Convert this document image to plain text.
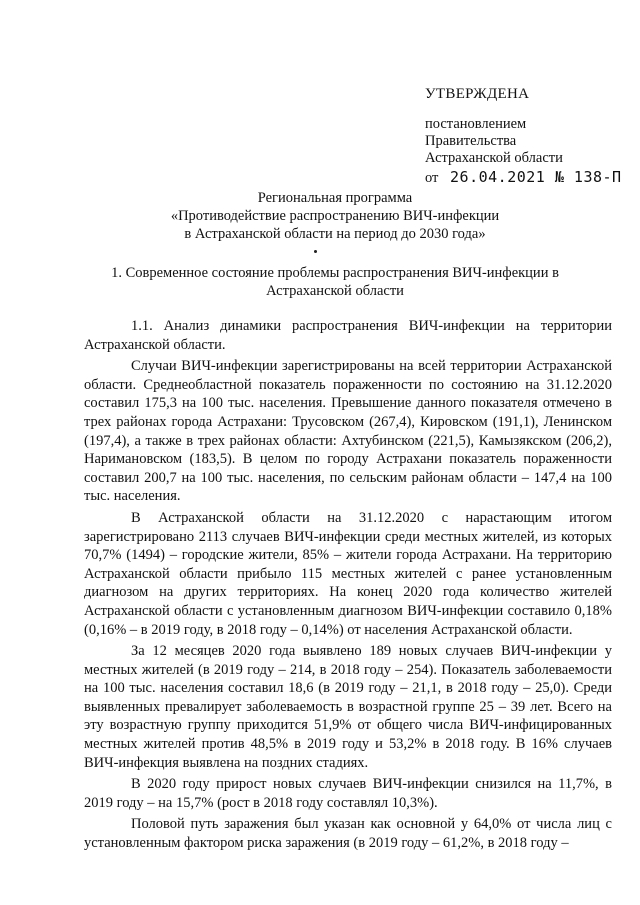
УТВЕРЖДЕНА
постановлением
Правительства
Астраханской области
от 26.04.2021 № 138-П
Региональная программа
«Противодействие распространению ВИЧ-инфекции
в Астраханской области на период до 2030 года»
1. Современное состояние проблемы распространения ВИЧ-инфекции в
Астраханской области

1.1. Анализ динамики распространения ВИЧ-инфекции на территории Астраханской области.

Случаи ВИЧ-инфекции зарегистрированы на всей территории Астраханской области. Среднеобластной показатель пораженности по состоянию на 31.12.2020 составил 175,3 на 100 тыс. населения. Превышение данного показателя отмечено в трех районах города Астрахани: Трусовском (267,4), Кировском (191,1), Ленинском (197,4), а также в трех районах области: Ахтубинском (221,5), Камызякском (206,2), Наримановском (183,5). В целом по городу Астрахани показатель пораженности составил 200,7 на 100 тыс. населения, по сельским районам области – 147,4 на 100 тыс. населения.

В Астраханской области на 31.12.2020 с нарастающим итогом зарегистрировано 2113 случаев ВИЧ-инфекции среди местных жителей, из которых 70,7% (1494) – городские жители, 85% – жители города Астрахани. На территорию Астраханской области прибыло 115 местных жителей с ранее установленным диагнозом на других территориях. На конец 2020 года количество жителей Астраханской области с установленным диагнозом ВИЧ-инфекции составило 0,18% (0,16% – в 2019 году, в 2018 году – 0,14%) от населения Астраханской области.

За 12 месяцев 2020 года выявлено 189 новых случаев ВИЧ-инфекции у местных жителей (в 2019 году – 214, в 2018 году – 254). Показатель заболеваемости на 100 тыс. населения составил 18,6 (в 2019 году – 21,1, в 2018 году – 25,0). Среди выявленных превалирует заболеваемость в возрастной группе 25 – 39 лет. Всего на эту возрастную группу приходится 51,9% от общего числа ВИЧ-инфицированных местных жителей против 48,5% в 2019 году и 53,2% в 2018 году. В 16% случаев ВИЧ-инфекция выявлена на поздних стадиях.

В 2020 году прирост новых случаев ВИЧ-инфекции снизился на 11,7%, в 2019 году – на 15,7% (рост в 2018 году составлял 10,3%).

Половой путь заражения был указан как основной у 64,0% от числа лиц с установленным фактором риска заражения (в 2019 году – 61,2%, в 2018 году –
